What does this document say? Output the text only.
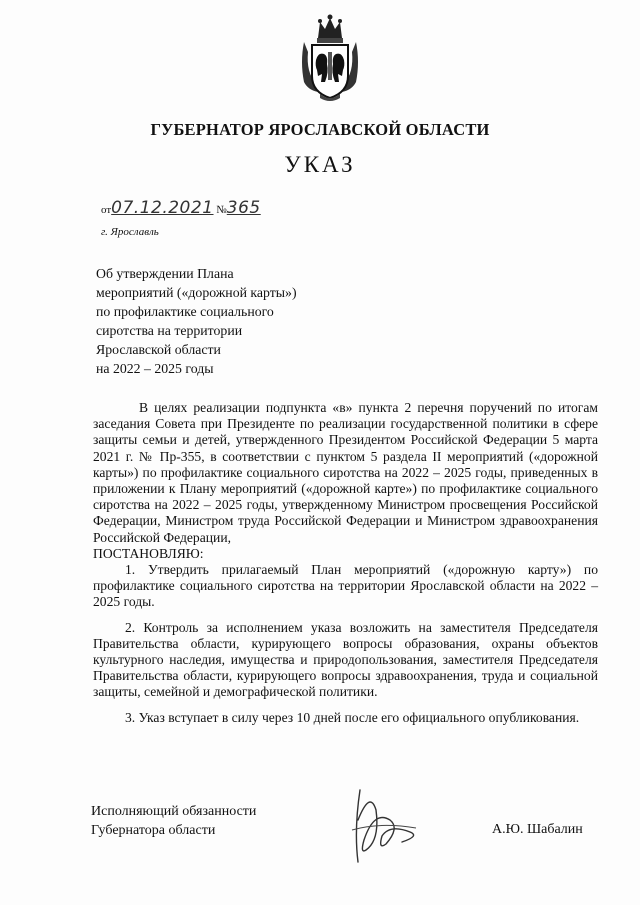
ГУБЕРНАТОР ЯРОСЛАВСКОЙ ОБЛАСТИ
УКАЗ
от07.12.2021 №365
г. Ярославль
Об утверждении Плана
мероприятий («дорожной карты»)
по профилактике социального
сиротства на территории
Ярославской области
на 2022 – 2025 годы

В целях реализации подпункта «в» пункта 2 перечня поручений по итогам заседания Совета при Президенте по реализации государственной политики в сфере защиты семьи и детей, утвержденного Президентом Российской Федерации 5 марта 2021 г. № Пр-355, в соответствии с пунктом 5 раздела II мероприятий («дорожной карты») по профилактике социального сиротства на 2022 – 2025 годы, приведенных в приложении к Плану мероприятий («дорожной карте») по профилактике социального сиротства на 2022 – 2025 годы, утвержденному Министром просвещения Российской Федерации, Министром труда Российской Федерации и Министром здравоохранения Российской Федерации,

ПОСТАНОВЛЯЮ:

1. Утвердить прилагаемый План мероприятий («дорожную карту») по профилактике социального сиротства на территории Ярославской области на 2022 – 2025 годы.

2. Контроль за исполнением указа возложить на заместителя Председателя Правительства области, курирующего вопросы образования, охраны объектов культурного наследия, имущества и природопользования, заместителя Председателя Правительства области, курирующего вопросы здравоохранения, труда и социальной защиты, семейной и демографической политики.

3. Указ вступает в силу через 10 дней после его официального опубликования.

Исполняющий обязанности
Губернатора области	А.Ю. Шабалин
